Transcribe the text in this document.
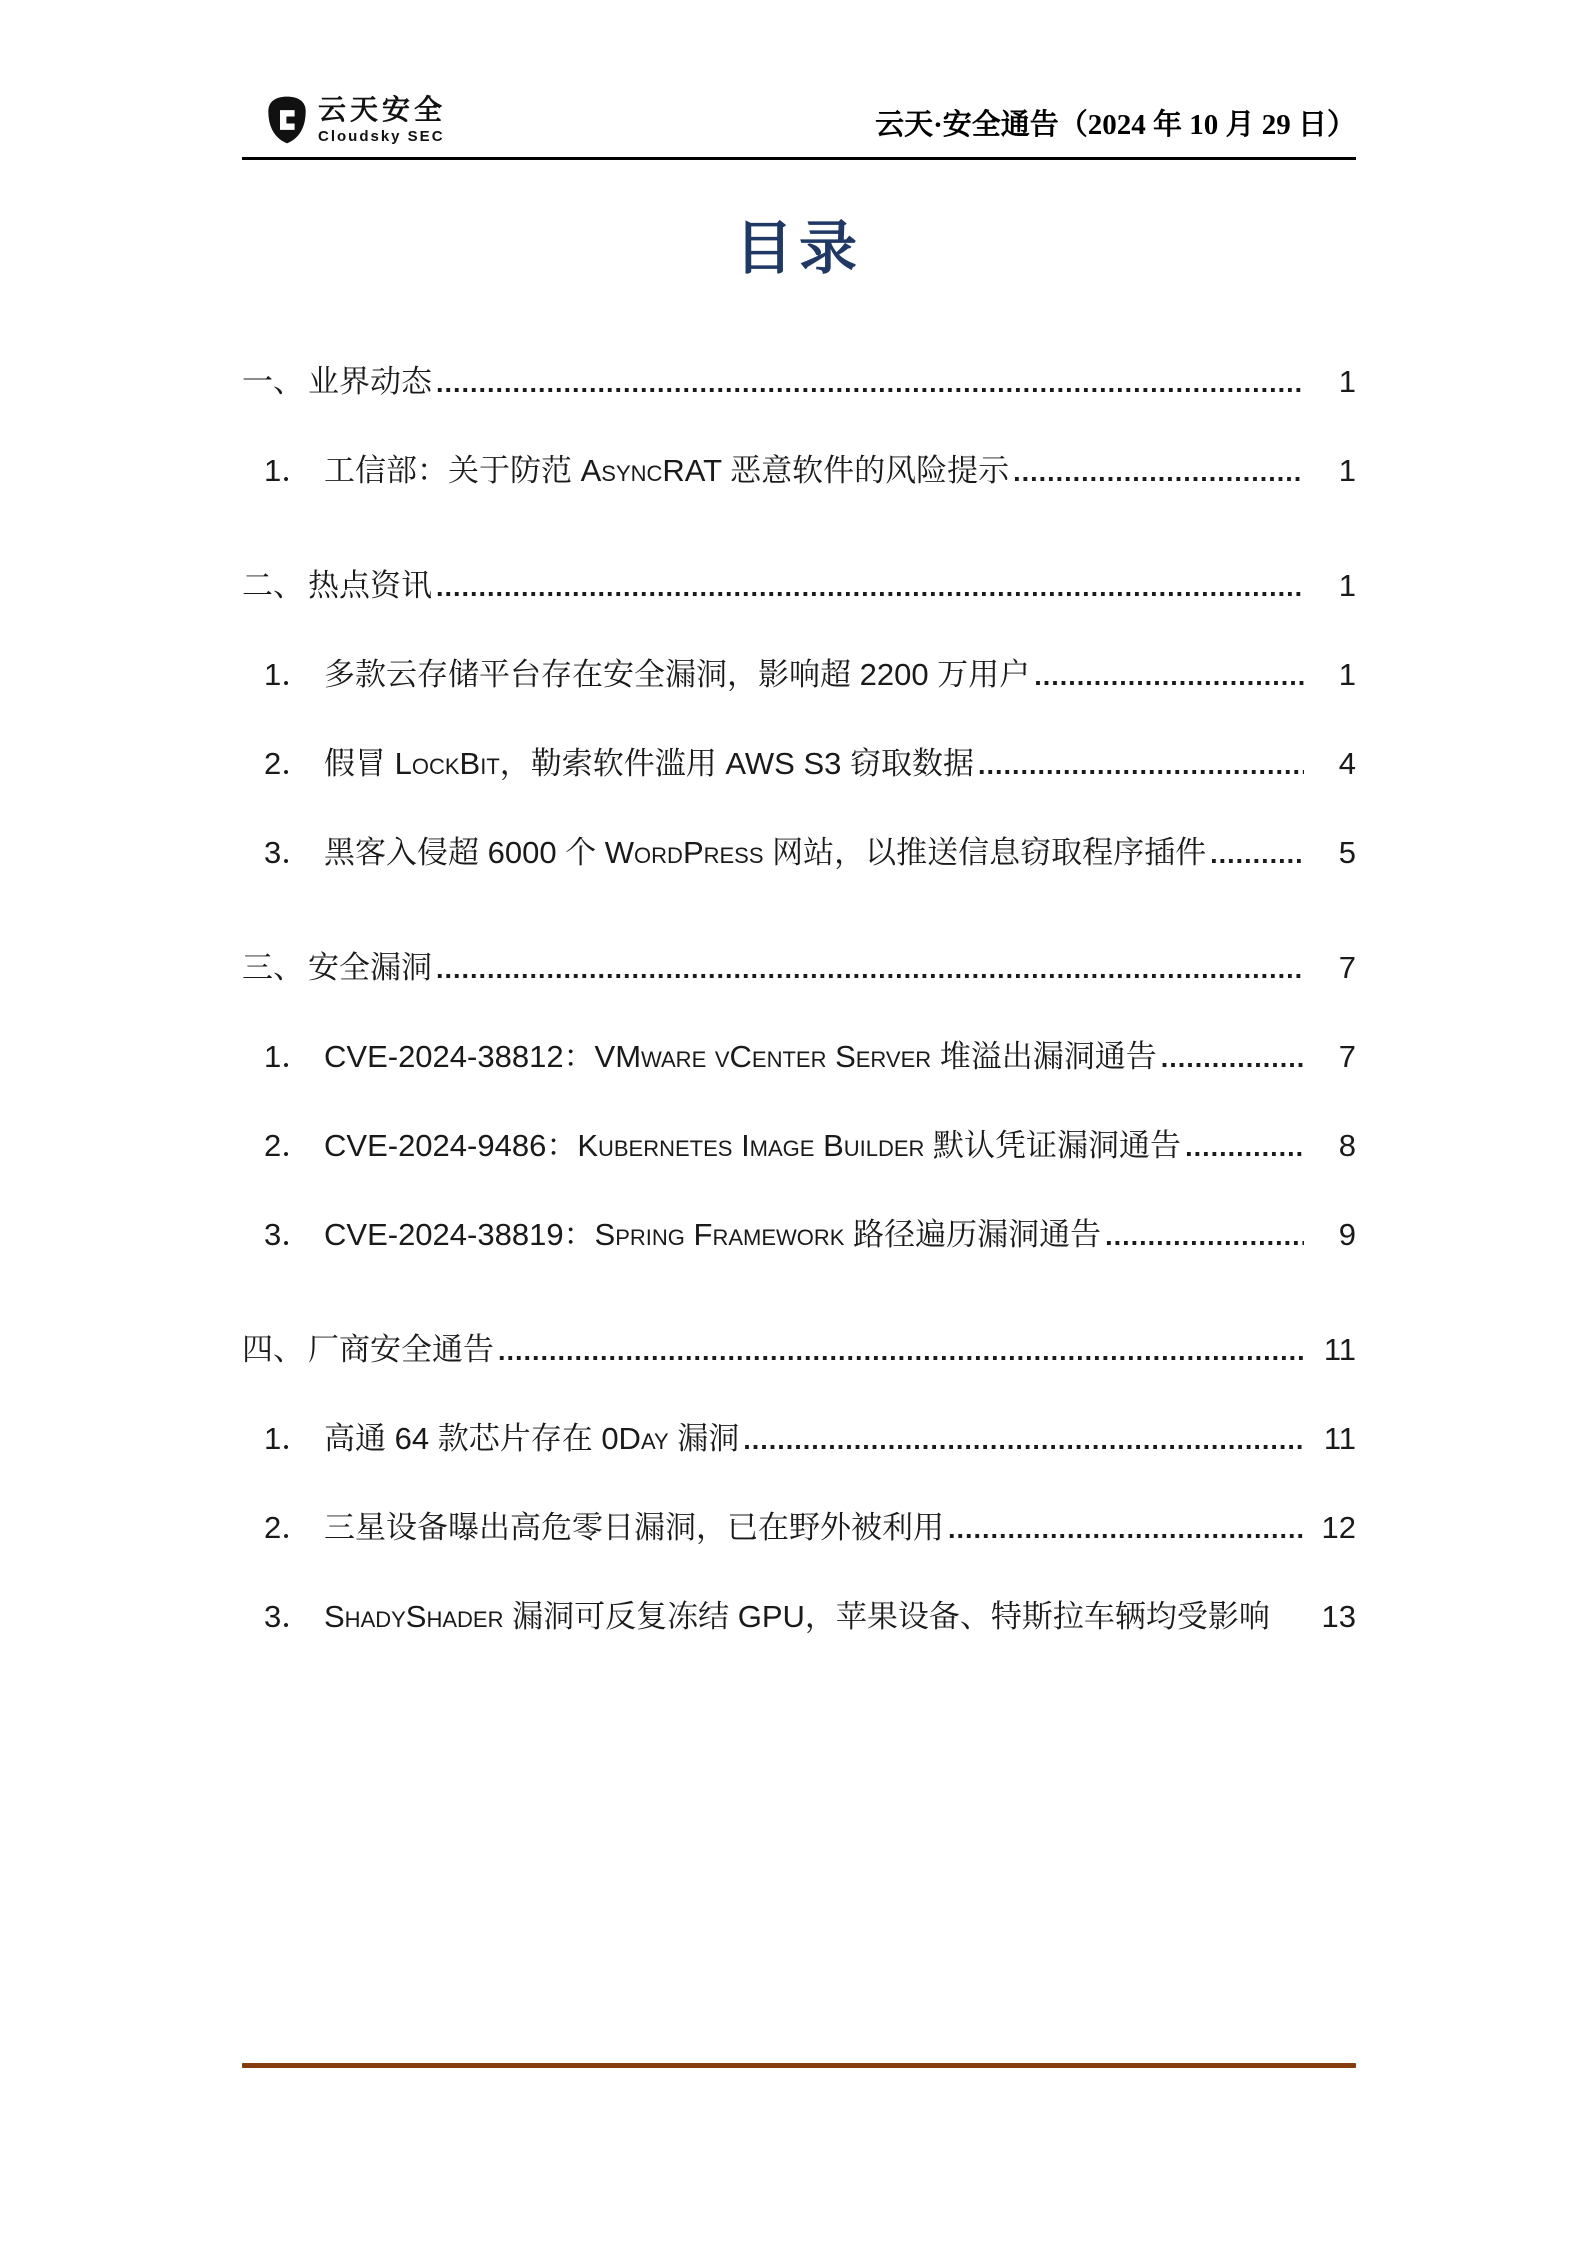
云天安全
Cloudsky SEC	云天·安全通告（2024 年 10 月 29 日）
目录
一、 业界动态 .....	1
1． 工信部：关于防范 AsyncRAT 恶意软件的风险提示 .....	1
二、 热点资讯 .....	1
1． 多款云存储平台存在安全漏洞，影响超 2200 万用户 .....	1
2． 假冒 LockBit，勒索软件滥用 AWS S3 窃取数据 .....	4
3． 黑客入侵超 6000 个 WordPress 网站，以推送信息窃取程序插件 .....	5
三、 安全漏洞 .....	7
1． CVE-2024-38812：VMware vCenter Server 堆溢出漏洞通告 .....	7
2． CVE-2024-9486：Kubernetes Image Builder 默认凭证漏洞通告 .....	8
3． CVE-2024-38819：Spring Framework 路径遍历漏洞通告 .....	9
四、 厂商安全通告 .....	11
1． 高通 64 款芯片存在 0Day 漏洞 .....	11
2． 三星设备曝出高危零日漏洞，已在野外被利用 .....	12
3． ShadyShader 漏洞可反复冻结 GPU，苹果设备、特斯拉车辆均受影响	13
